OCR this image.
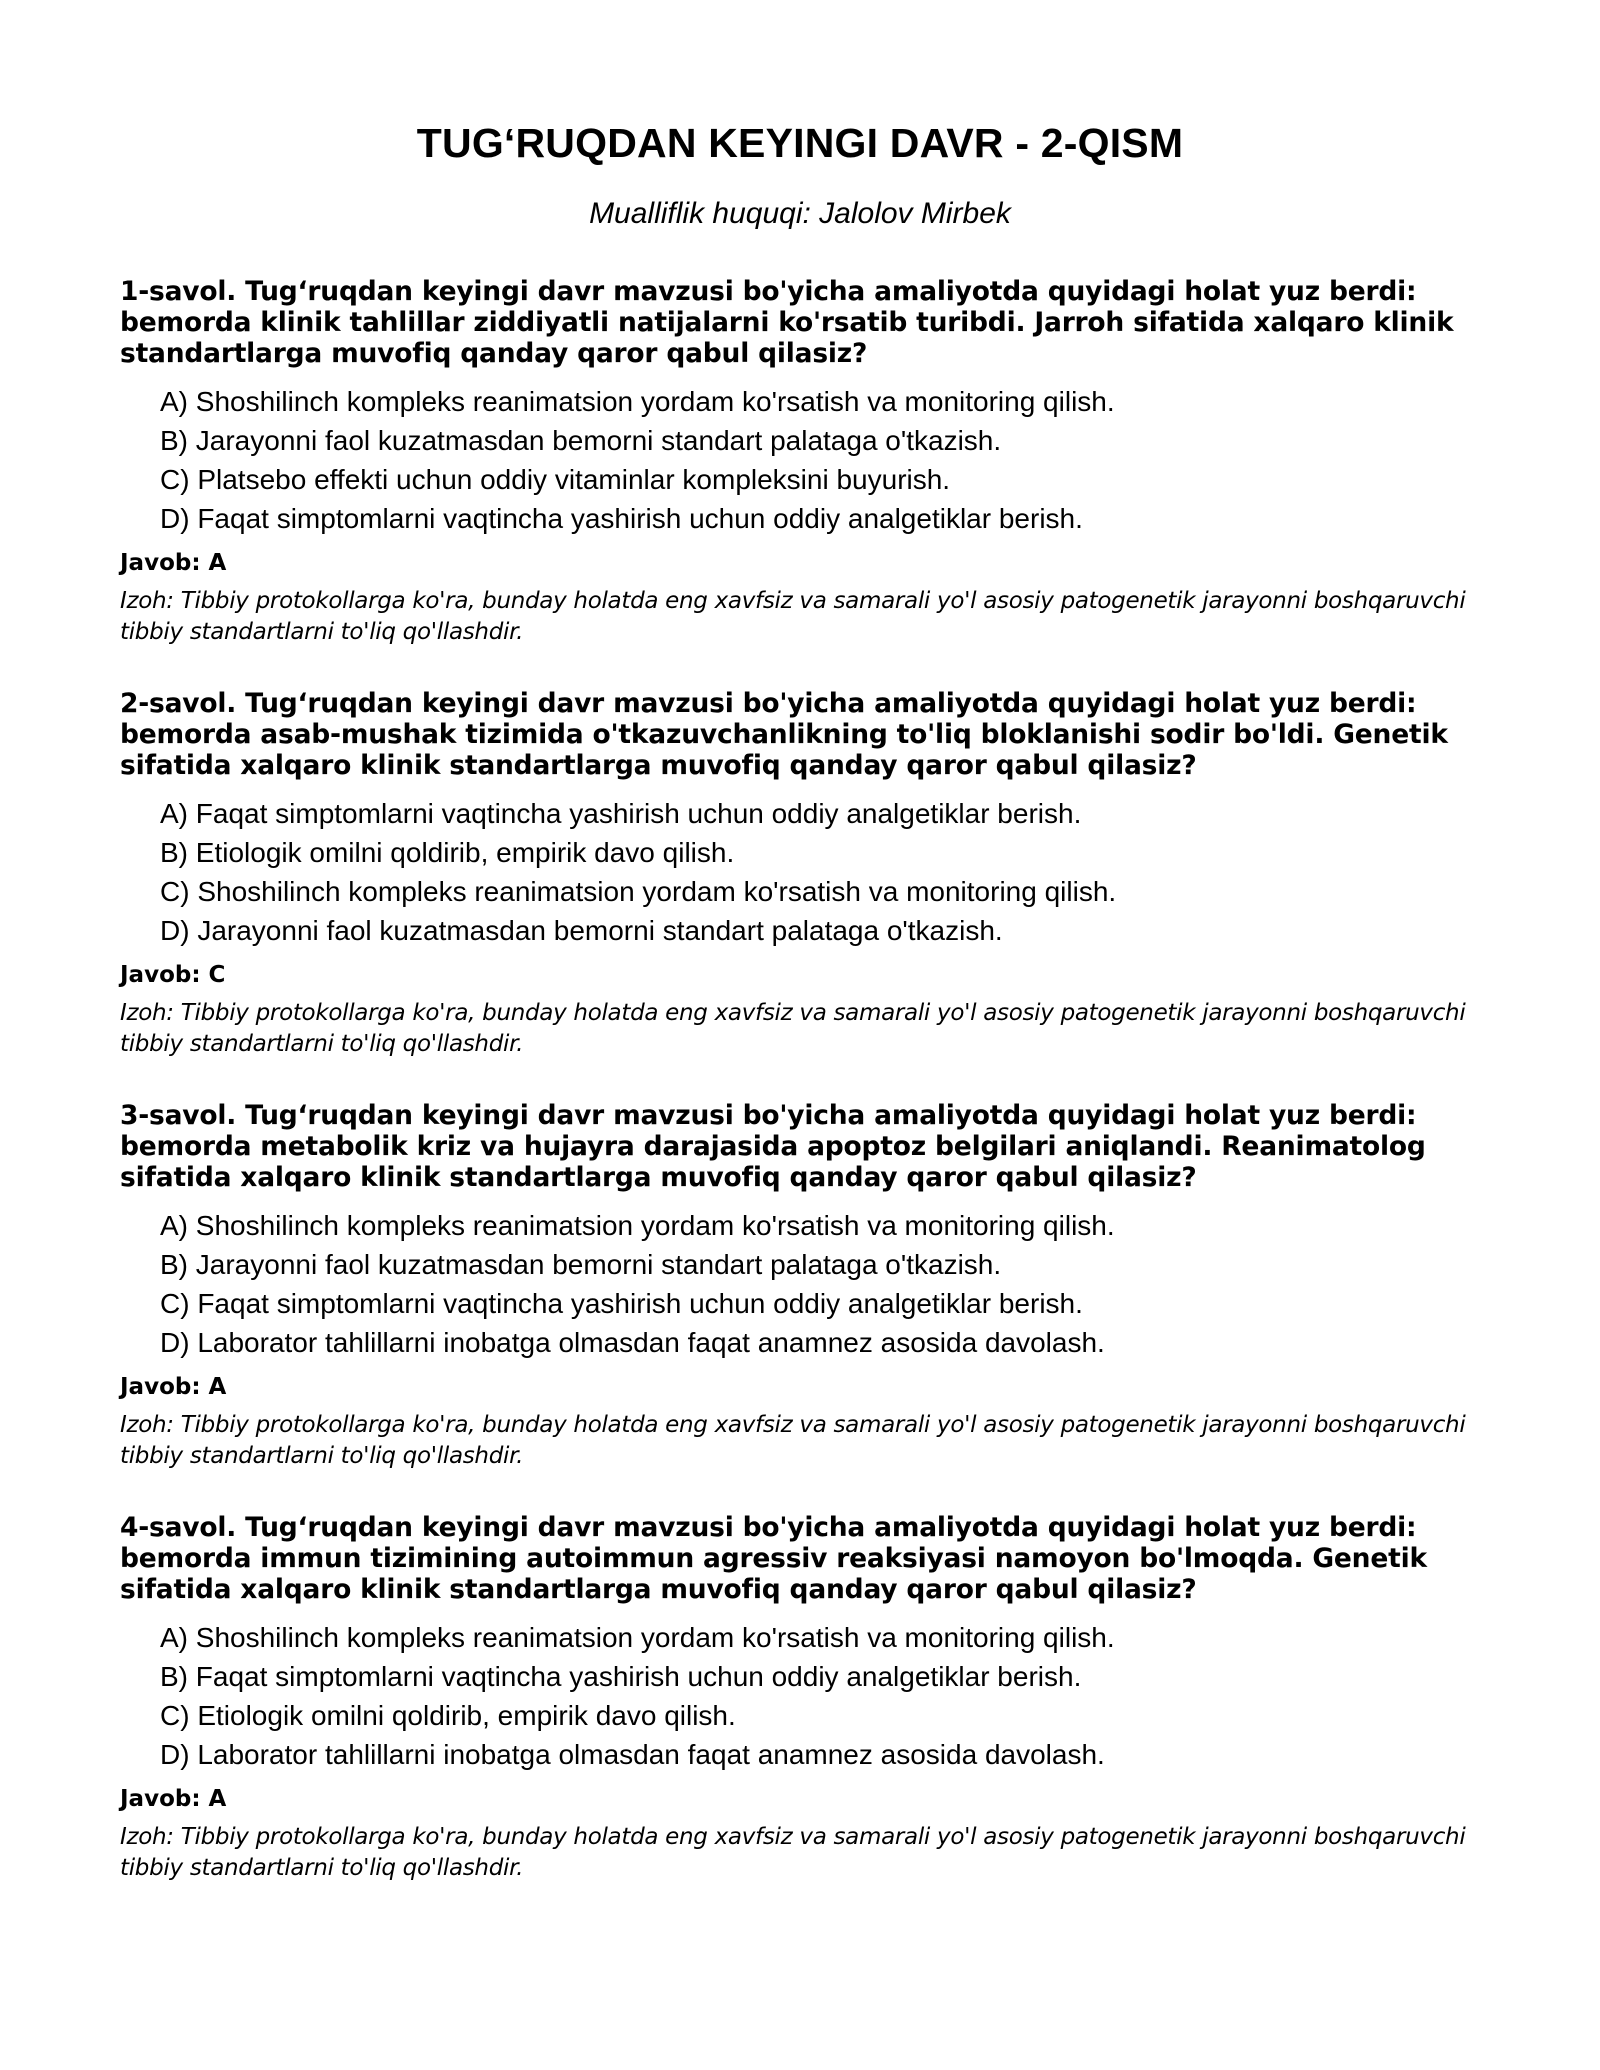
TUG‘RUQDAN KEYINGI DAVR - 2-QISM
Mualliflik huquqi: Jalolov Mirbek

1-savol. Tug‘ruqdan keyingi davr mavzusi bo'yicha amaliyotda quyidagi holat yuz berdi: bemorda klinik tahlillar ziddiyatli natijalarni ko'rsatib turibdi. Jarroh sifatida xalqaro klinik standartlarga muvofiq qanday qaror qabul qilasiz?

A) Shoshilinch kompleks reanimatsion yordam ko'rsatish va monitoring qilish.
B) Jarayonni faol kuzatmasdan bemorni standart palataga o'tkazish.
C) Platsebo effekti uchun oddiy vitaminlar kompleksini buyurish.
D) Faqat simptomlarni vaqtincha yashirish uchun oddiy analgetiklar berish.

Javob: A

Izoh: Tibbiy protokollarga ko'ra, bunday holatda eng xavfsiz va samarali yo'l asosiy patogenetik jarayonni boshqaruvchi tibbiy standartlarni to'liq qo'llashdir.

2-savol. Tug‘ruqdan keyingi davr mavzusi bo'yicha amaliyotda quyidagi holat yuz berdi: bemorda asab-mushak tizimida o'tkazuvchanlikning to'liq bloklanishi sodir bo'ldi. Genetik sifatida xalqaro klinik standartlarga muvofiq qanday qaror qabul qilasiz?

A) Faqat simptomlarni vaqtincha yashirish uchun oddiy analgetiklar berish.
B) Etiologik omilni qoldirib, empirik davo qilish.
C) Shoshilinch kompleks reanimatsion yordam ko'rsatish va monitoring qilish.
D) Jarayonni faol kuzatmasdan bemorni standart palataga o'tkazish.

Javob: C

Izoh: Tibbiy protokollarga ko'ra, bunday holatda eng xavfsiz va samarali yo'l asosiy patogenetik jarayonni boshqaruvchi tibbiy standartlarni to'liq qo'llashdir.

3-savol. Tug‘ruqdan keyingi davr mavzusi bo'yicha amaliyotda quyidagi holat yuz berdi: bemorda metabolik kriz va hujayra darajasida apoptoz belgilari aniqlandi. Reanimatolog sifatida xalqaro klinik standartlarga muvofiq qanday qaror qabul qilasiz?

A) Shoshilinch kompleks reanimatsion yordam ko'rsatish va monitoring qilish.
B) Jarayonni faol kuzatmasdan bemorni standart palataga o'tkazish.
C) Faqat simptomlarni vaqtincha yashirish uchun oddiy analgetiklar berish.
D) Laborator tahlillarni inobatga olmasdan faqat anamnez asosida davolash.

Javob: A

Izoh: Tibbiy protokollarga ko'ra, bunday holatda eng xavfsiz va samarali yo'l asosiy patogenetik jarayonni boshqaruvchi tibbiy standartlarni to'liq qo'llashdir.

4-savol. Tug‘ruqdan keyingi davr mavzusi bo'yicha amaliyotda quyidagi holat yuz berdi: bemorda immun tizimining autoimmun agressiv reaksiyasi namoyon bo'lmoqda. Genetik sifatida xalqaro klinik standartlarga muvofiq qanday qaror qabul qilasiz?

A) Shoshilinch kompleks reanimatsion yordam ko'rsatish va monitoring qilish.
B) Faqat simptomlarni vaqtincha yashirish uchun oddiy analgetiklar berish.
C) Etiologik omilni qoldirib, empirik davo qilish.
D) Laborator tahlillarni inobatga olmasdan faqat anamnez asosida davolash.

Javob: A

Izoh: Tibbiy protokollarga ko'ra, bunday holatda eng xavfsiz va samarali yo'l asosiy patogenetik jarayonni boshqaruvchi tibbiy standartlarni to'liq qo'llashdir.
